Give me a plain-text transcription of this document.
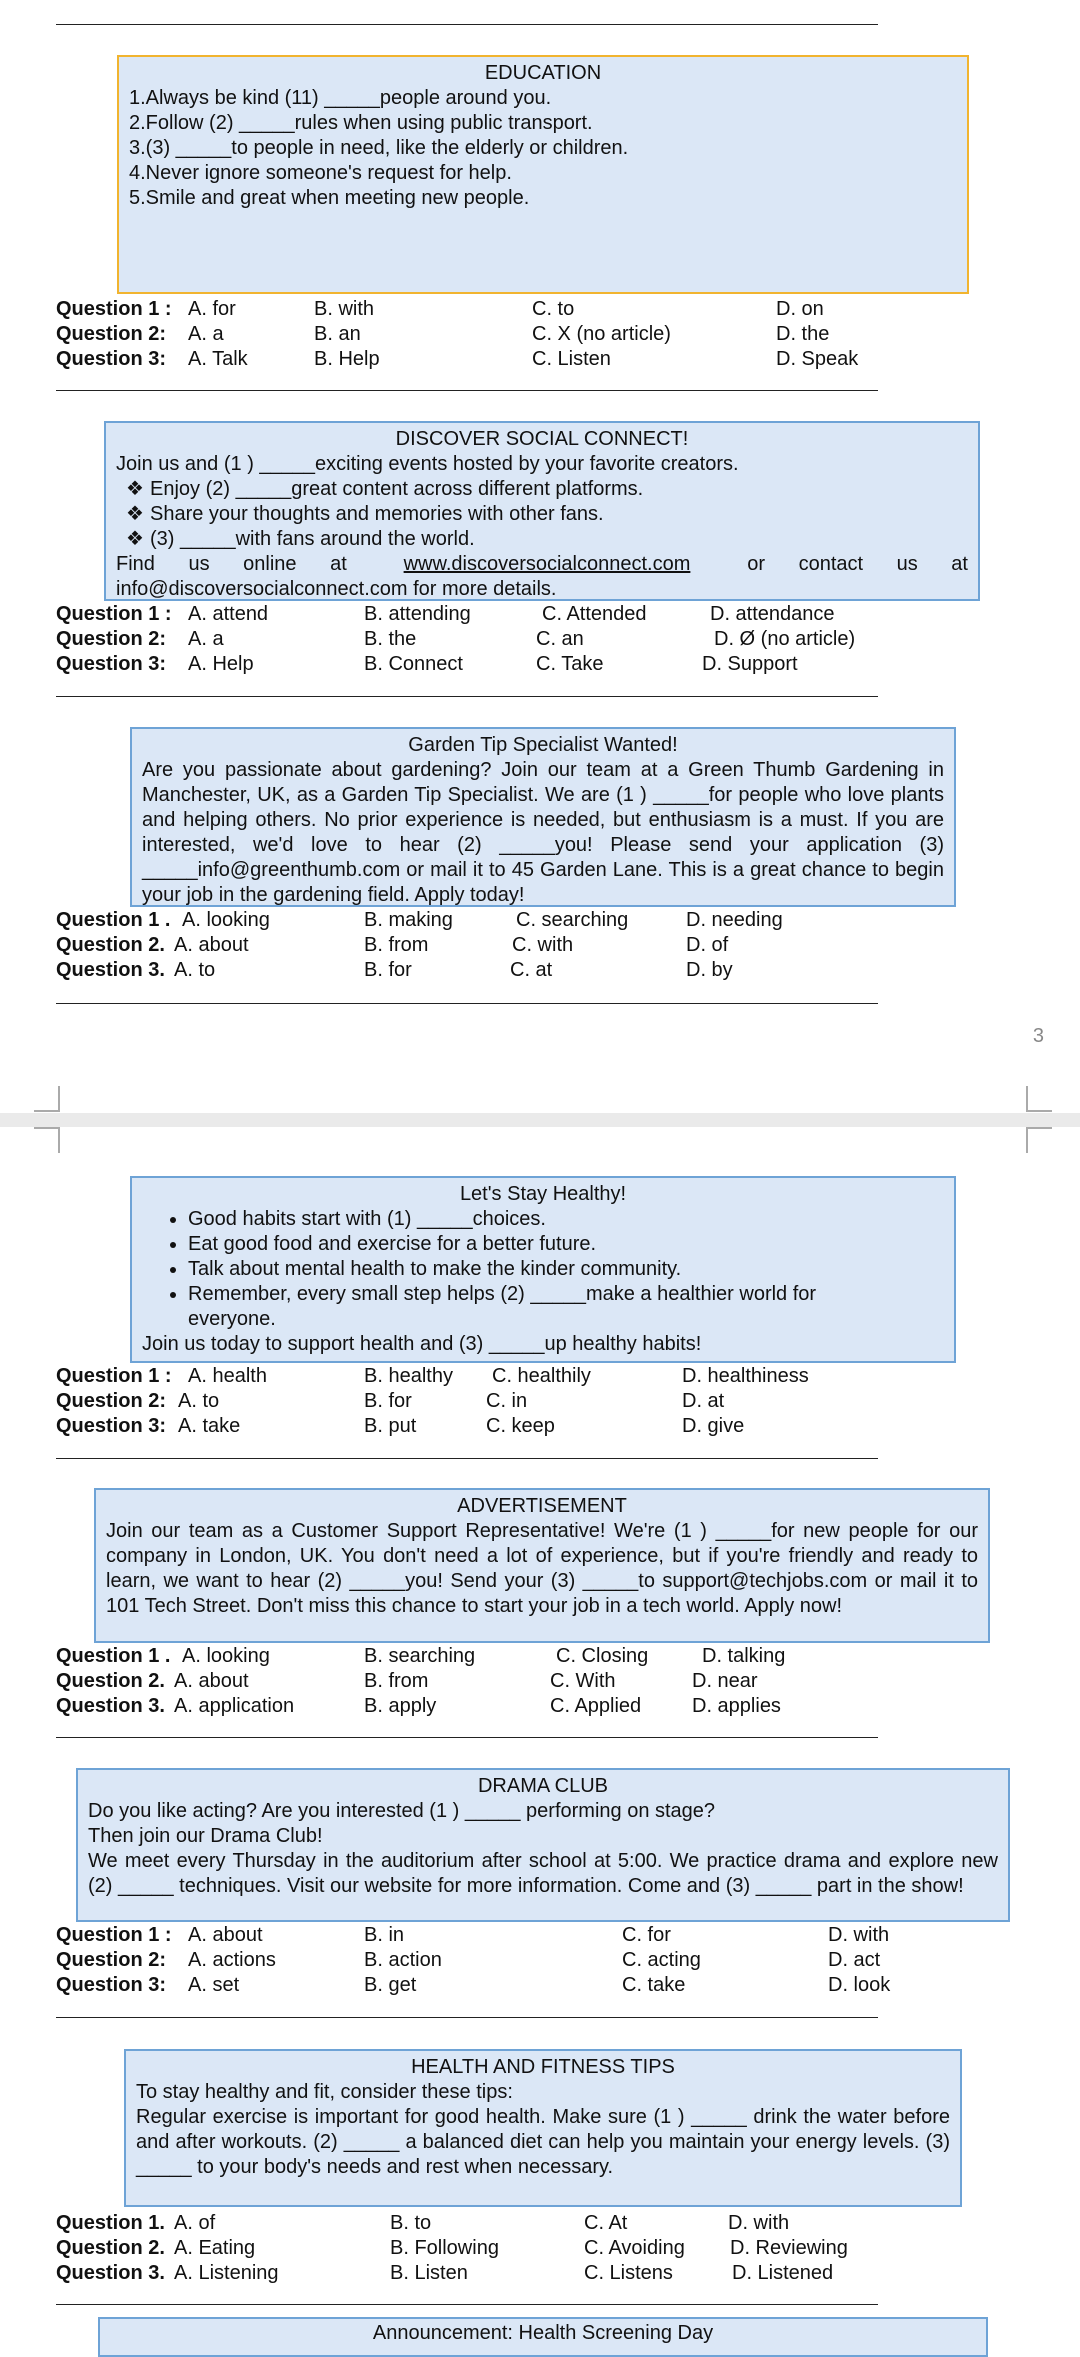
EDUCATION
1.Always be kind (11) _____people around you.
2.Follow (2) _____rules when using public transport.
3.(3) _____to people in need, like the elderly or children.
4.Never ignore someone's request for help.
5.Smile and great when meeting new people.
Question 1 : A. for	B. with	C. to	D. on
Question 2: A. a	B. an	C. X (no article)	D. the
Question 3: A. Talk	B. Help	C. Listen	D. Speak
DISCOVER SOCIAL CONNECT!
Join us and (1 ) _____exciting events hosted by your favorite creators.
❖ Enjoy (2) _____great content across different platforms.
❖ Share your thoughts and memories with other fans.
❖ (3) _____with fans around the world.
Find us online at	www.discoversocialconnect.com	or contact us at
info@discoversocialconnect.com for more details.
Question 1 : A. attend	B. attending	C. Attended	D. attendance
Question 2: A. a	B. the	C. an	D. Ø (no article)
Question 3: A. Help	B. Connect	C. Take	D. Support
Garden Tip Specialist Wanted!
Are you passionate about gardening? Join our team at a Green Thumb Gardening in Manchester, UK, as a Garden Tip Specialist. We are (1 ) _____for people who love plants and helping others. No prior experience is needed, but enthusiasm is a must. If you are interested, we'd love to hear (2) _____you! Please send your application (3) _____info@greenthumb.com or mail it to 45 Garden Lane. This is a great chance to begin your job in the gardening field. Apply today!
Question 1 . A. looking	B. making	C. searching	D. needing
Question 2. A. about	B. from	C. with	D. of
Question 3. A. to	B. for	C. at	D. by
3
Let's Stay Healthy!
• Good habits start with (1) _____choices.
• Eat good food and exercise for a better future.
• Talk about mental health to make the kinder community.
• Remember, every small step helps (2) _____make a healthier world for everyone.
Join us today to support health and (3) _____up healthy habits!
Question 1 : A. health	B. healthy C. healthily	D. healthiness
Question 2: A. to	B. for	C. in	D. at
Question 3: A. take	B. put	C. keep	D. give
ADVERTISEMENT
Join our team as a Customer Support Representative! We're (1 ) _____for new people for our company in London, UK. You don't need a lot of experience, but if you're friendly and ready to learn, we want to hear (2) _____you! Send your (3) _____to support@techjobs.com or mail it to 101 Tech Street. Don't miss this chance to start your job in a tech world. Apply now!
Question 1 . A. looking	B. searching	C. Closing	D. talking
Question 2. A. about	B. from	C. With	D. near
Question 3. A. application	B. apply	C. Applied	D. applies
DRAMA CLUB
Do you like acting? Are you interested (1 ) _____ performing on stage?
Then join our Drama Club!
We meet every Thursday in the auditorium after school at 5:00. We practice drama and explore new (2) _____ techniques. Visit our website for more information. Come and (3) _____ part in the show!
Question 1 : A. about	B. in	C. for	D. with
Question 2: A. actions	B. action	C. acting	D. act
Question 3: A. set	B. get	C. take	D. look
HEALTH AND FITNESS TIPS
To stay healthy and fit, consider these tips:
Regular exercise is important for good health. Make sure (1 ) _____ drink the water before and after workouts. (2) _____ a balanced diet can help you maintain your energy levels. (3) _____ to your body's needs and rest when necessary.
Question 1. A. of	B. to	C. At	D. with
Question 2. A. Eating	B. Following	C. Avoiding D. Reviewing
Question 3. A. Listening	B. Listen	C. Listens	D. Listened
Announcement: Health Screening Day
